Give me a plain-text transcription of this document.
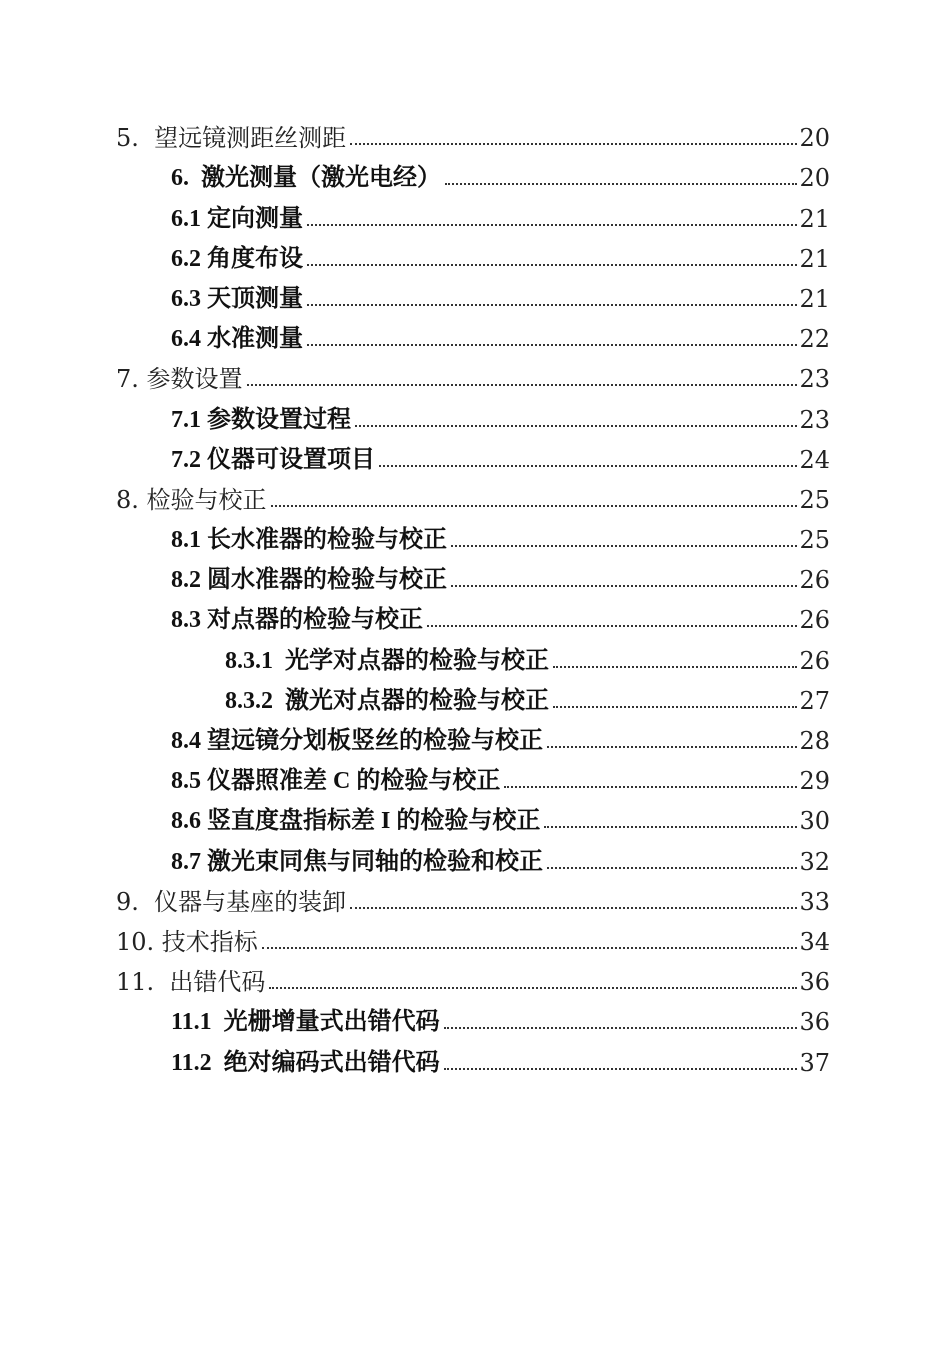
5.  望远镜测距丝测距	20
6.  激光测量（激光电经）	20
6.1 定向测量	21
6.2 角度布设	21
6.3 天顶测量	21
6.4 水准测量	22
7. 参数设置	23
7.1 参数设置过程	23
7.2 仪器可设置项目	24
8. 检验与校正	25
8.1 长水准器的检验与校正	25
8.2 圆水准器的检验与校正	26
8.3 对点器的检验与校正	26
8.3.1  光学对点器的检验与校正	26
8.3.2  激光对点器的检验与校正	27
8.4 望远镜分划板竖丝的检验与校正	28
8.5 仪器照准差 C 的检验与校正	29
8.6 竖直度盘指标差 I 的检验与校正	30
8.7 激光束同焦与同轴的检验和校正	32
9.  仪器与基座的装卸	33
10. 技术指标	34
11.  出错代码	36
11.1  光栅增量式出错代码	36
11.2  绝对编码式出错代码	37
